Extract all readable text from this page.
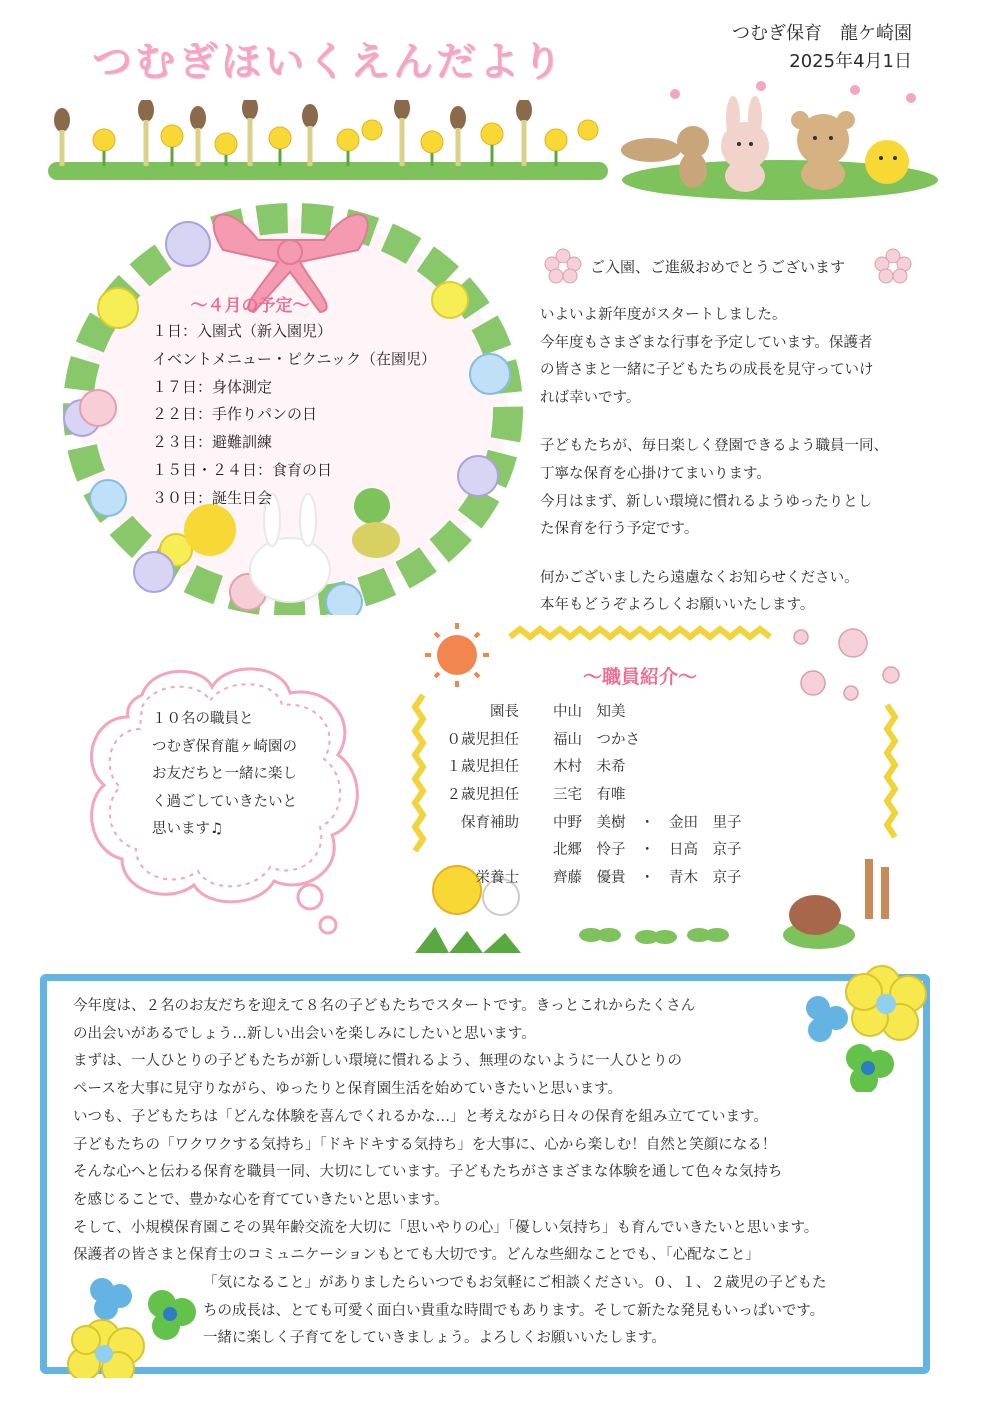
つむぎほいくえんだより
つむぎ保育　龍ケ崎園
2025年4月1日
～４月の予定～
１日：入園式（新入園児）
イベントメニュー・ピクニック（在園児）
１７日：身体測定
２２日：手作りパンの日
２３日：避難訓練
１５日・２４日：食育の日
３０日：誕生日会
ご入園、ご進級おめでとうございます

いよいよ新年度がスタートしました。
今年度もさまざまな行事を予定しています。保護者
の皆さまと一緒に子どもたちの成長を見守っていけ
れば幸いです。

子どもたちが、毎日楽しく登園できるよう職員一同、
丁寧な保育を心掛けてまいります。
今月はまず、新しい環境に慣れるようゆったりとし
た保育を行う予定です。

何かございましたら遠慮なくお知らせください。
本年もどうぞよろしくお願いいたします。

～職員紹介～
園長	中山　知美
０歳児担任	福山　つかさ
１歳児担任	木村　未希
２歳児担任	三宅　有唯
保育補助	中野　美樹　・　金田　里子
北郷　怜子　・　日高　京子
栄養士	齊藤　優貴　・　青木　京子
１０名の職員と
つむぎ保育龍ヶ崎園の
お友だちと一緒に楽し
く過ごしていきたいと
思います♫
今年度は、２名のお友だちを迎えて８名の子どもたちでスタートです。きっとこれからたくさん
の出会いがあるでしょう…新しい出会いを楽しみにしたいと思います。
まずは、一人ひとりの子どもたちが新しい環境に慣れるよう、無理のないように一人ひとりの
ペースを大事に見守りながら、ゆったりと保育園生活を始めていきたいと思います。
いつも、子どもたちは「どんな体験を喜んでくれるかな…」と考えながら日々の保育を組み立てています。
子どもたちの「ワクワクする気持ち」「ドキドキする気持ち」を大事に、心から楽しむ！自然と笑顔になる！
そんな心へと伝わる保育を職員一同、大切にしています。子どもたちがさまざまな体験を通して色々な気持ち
を感じることで、豊かな心を育てていきたいと思います。
そして、小規模保育園こその異年齢交流を大切に「思いやりの心」「優しい気持ち」も育んでいきたいと思います。
保護者の皆さまと保育士のコミュニケーションもとても大切です。どんな些細なことでも、「心配なこと」
「気になること」がありましたらいつでもお気軽にご相談ください。０、１、２歳児の子どもた
ちの成長は、とても可愛く面白い貴重な時間でもあります。そして新たな発見もいっぱいです。
一緒に楽しく子育てをしていきましょう。よろしくお願いいたします。
